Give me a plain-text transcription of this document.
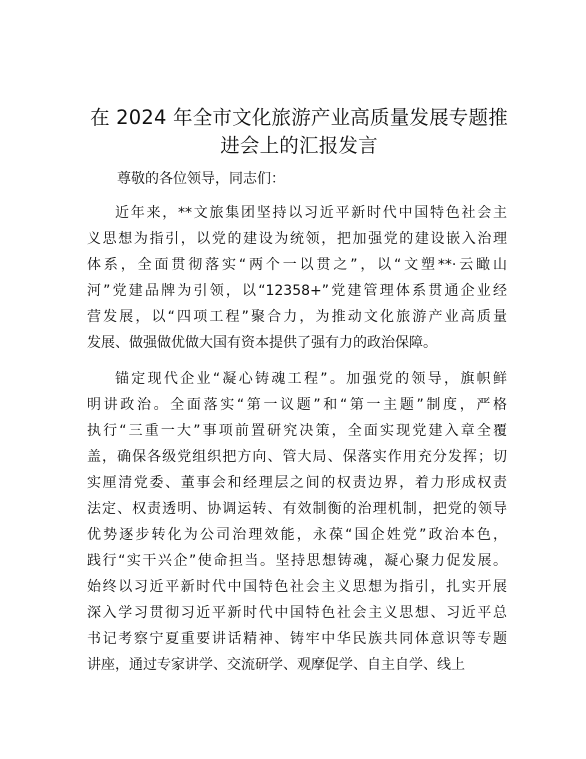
在 2024 年全市文化旅游产业高质量发展专题推
进会上的汇报发言

尊敬的各位领导，同志们：

近年来，**文旅集团坚持以习近平新时代中国特色社会主
义思想为指引，以党的建设为统领，把加强党的建设嵌入治理
体系，全面贯彻落实“两个一以贯之”，以“文塑**·云瞰山
河”党建品牌为引领，以“12358+”党建管理体系贯通企业经
营发展，以“四项工程”聚合力，为推动文化旅游产业高质量
发展、做强做优做大国有资本提供了强有力的政治保障。
锚定现代企业“凝心铸魂工程”。加强党的领导，旗帜鲜
明讲政治。全面落实“第一议题”和“第一主题”制度，严格
执行“三重一大”事项前置研究决策，全面实现党建入章全覆
盖，确保各级党组织把方向、管大局、保落实作用充分发挥；切
实厘清党委、董事会和经理层之间的权责边界，着力形成权责
法定、权责透明、协调运转、有效制衡的治理机制，把党的领导
优势逐步转化为公司治理效能，永葆“国企姓党”政治本色，
践行“实干兴企”使命担当。坚持思想铸魂，凝心聚力促发展。
始终以习近平新时代中国特色社会主义思想为指引，扎实开展
深入学习贯彻习近平新时代中国特色社会主义思想、习近平总
书记考察宁夏重要讲话精神、铸牢中华民族共同体意识等专题
讲座，通过专家讲学、交流研学、观摩促学、自主自学、线上
